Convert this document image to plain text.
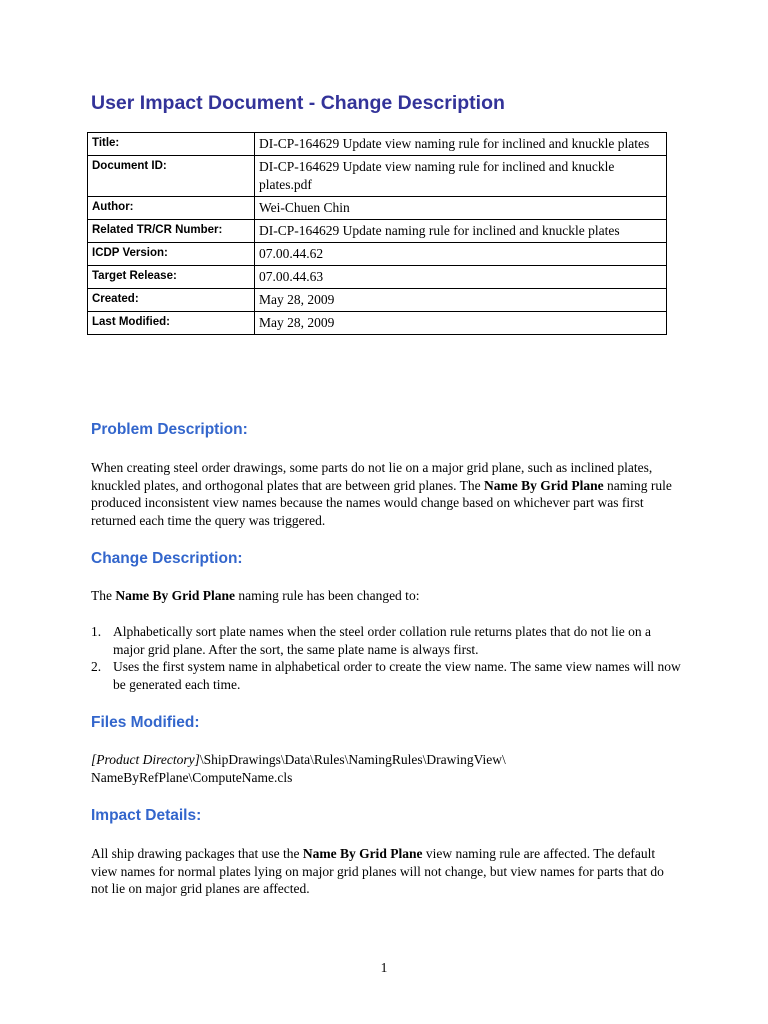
User Impact Document - Change Description
Title:	DI-CP-164629 Update view naming rule for inclined and knuckle plates
Document ID:	DI-CP-164629 Update view naming rule for inclined and knuckle plates.pdf
Author:	Wei-Chuen Chin
Related TR/CR Number:	DI-CP-164629 Update naming rule for inclined and knuckle plates
ICDP Version:	07.00.44.62
Target Release:	07.00.44.63
Created:	May 28, 2009
Last Modified:	May 28, 2009
Problem Description:

When creating steel order drawings, some parts do not lie on a major grid plane, such as inclined plates, knuckled plates, and orthogonal plates that are between grid planes. The Name By Grid Plane naming rule produced inconsistent view names because the names would change based on whichever part was first returned each time the query was triggered.

Change Description:

The Name By Grid Plane naming rule has been changed to:

1. Alphabetically sort plate names when the steel order collation rule returns plates that do not lie on a major grid plane. After the sort, the same plate name is always first.
2. Uses the first system name in alphabetical order to create the view name. The same view names will now be generated each time.
Files Modified:

[Product Directory]\ShipDrawings\Data\Rules\NamingRules\DrawingView\
NameByRefPlane\ComputeName.cls

Impact Details:

All ship drawing packages that use the Name By Grid Plane view naming rule are affected. The default view names for normal plates lying on major grid planes will not change, but view names for parts that do not lie on major grid planes are affected.

1
